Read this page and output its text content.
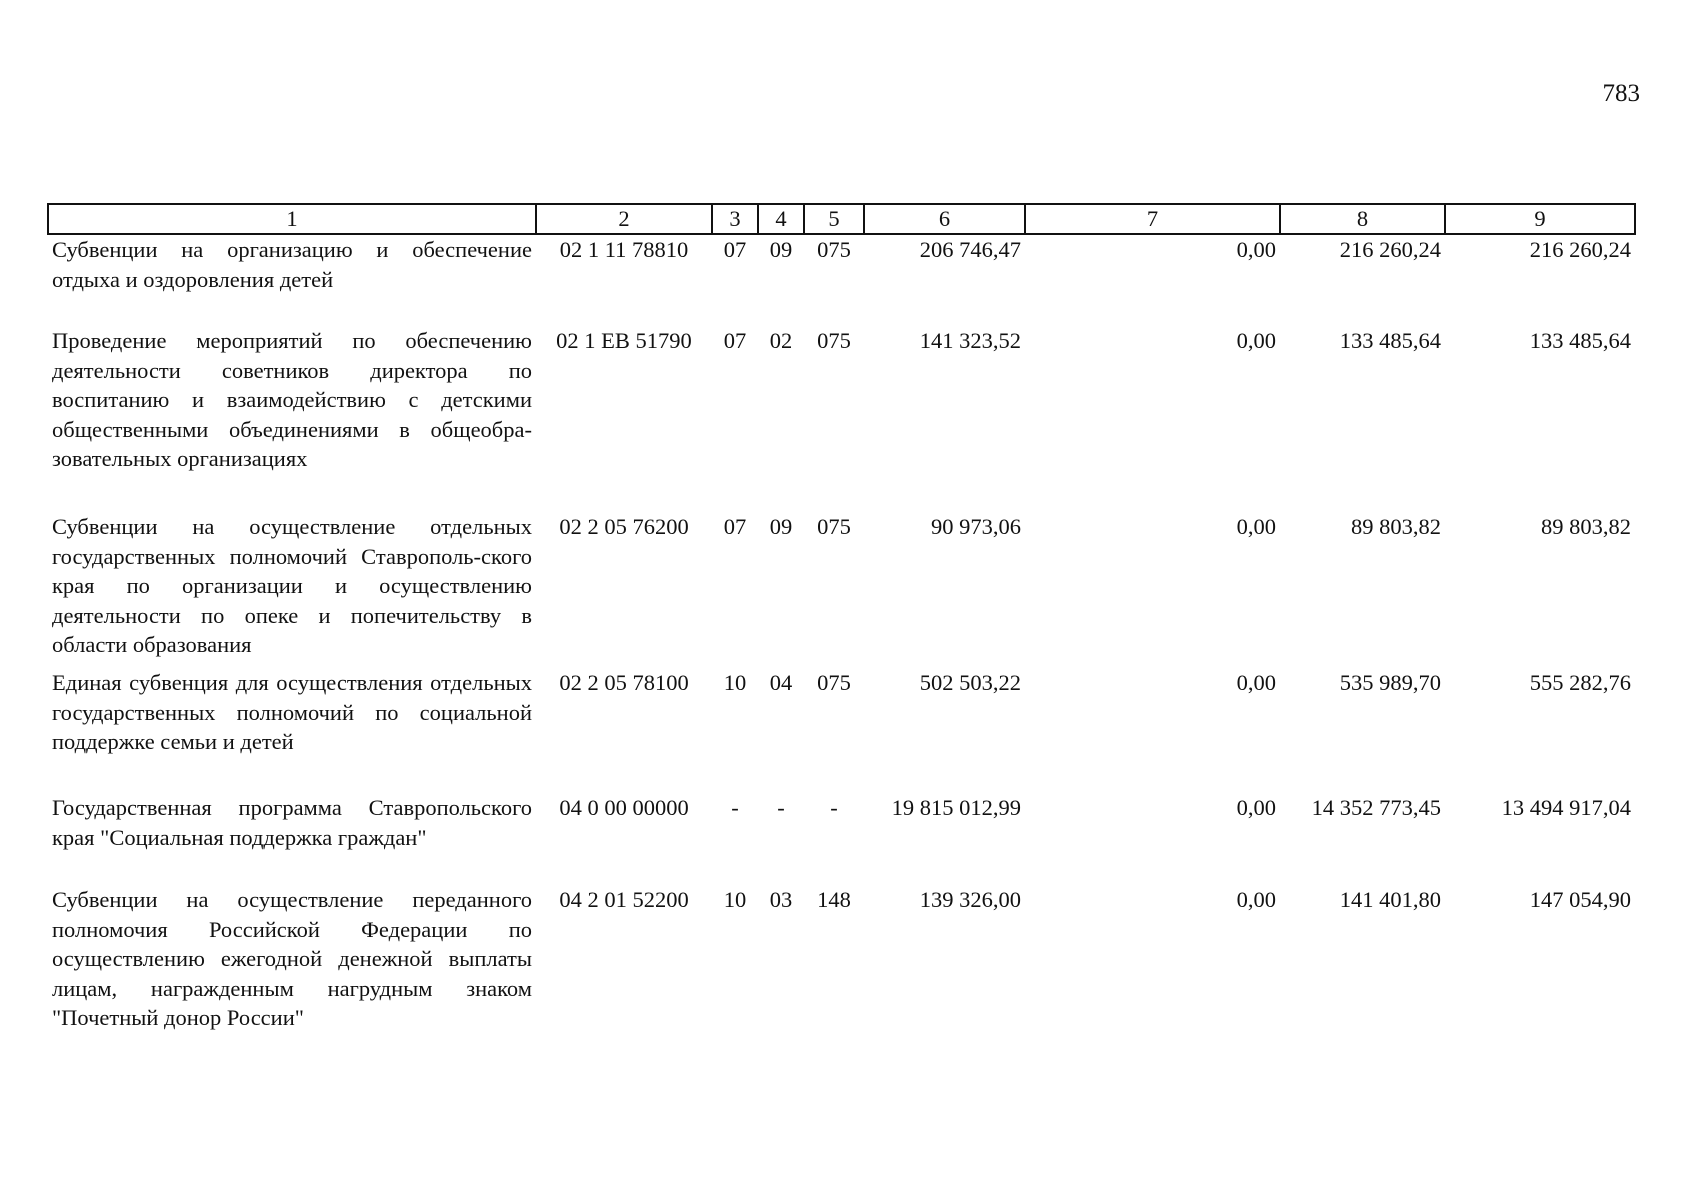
783
1	2	3	4	5	6	7	8	9
Субвенции на организацию и обеспечение отдыха и оздоровления детей	02 1 11 78810	07	09	075	206 746,47	0,00	216 260,24	216 260,24
Проведение мероприятий по обеспечению деятельности советников директора по воспитанию и взаимодействию с детскими общественными объединениями в общеобра-зовательных организациях	02 1 EB 51790	07	02	075	141 323,52	0,00	133 485,64	133 485,64
Субвенции на осуществление отдельных государственных полномочий Ставрополь-ского края по организации и осуществлению деятельности по опеке и попечительству в области образования	02 2 05 76200	07	09	075	90 973,06	0,00	89 803,82	89 803,82
Единая субвенция для осуществления отдельных государственных полномочий по социальной поддержке семьи и детей	02 2 05 78100	10	04	075	502 503,22	0,00	535 989,70	555 282,76
Государственная программа Ставропольского края "Социальная поддержка граждан"	04 0 00 00000	-	-	-	19 815 012,99	0,00	14 352 773,45	13 494 917,04
Субвенции на осуществление переданного полномочия Российской Федерации по осуществлению ежегодной денежной выплаты лицам, награжденным нагрудным знаком "Почетный донор России"	04 2 01 52200	10	03	148	139 326,00	0,00	141 401,80	147 054,90
